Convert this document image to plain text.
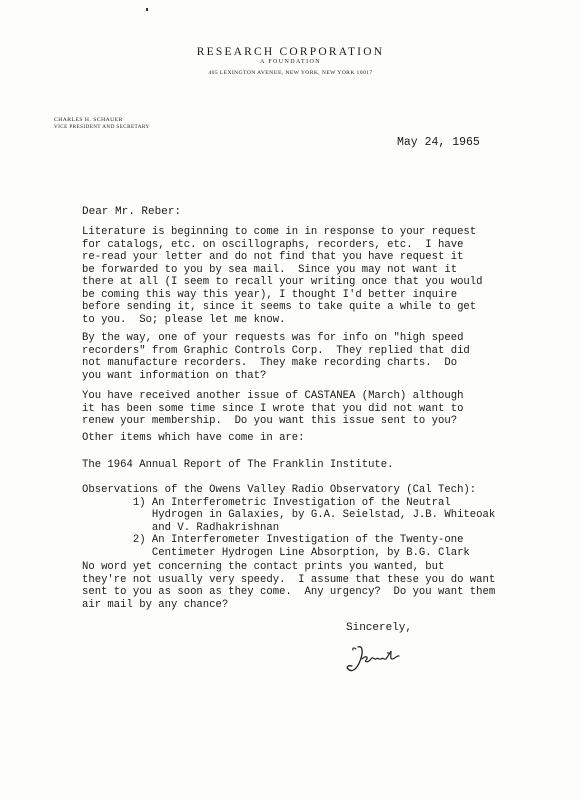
RESEARCH CORPORATION
A FOUNDATION
405 LEXINGTON AVENUE, NEW YORK, NEW YORK 10017
CHARLES H. SCHAUER
VICE PRESIDENT AND SECRETARY
May 24, 1965
Dear Mr. Reber:

Literature is beginning to come in in response to your request
for catalogs, etc. on oscillographs, recorders, etc.  I have
re-read your letter and do not find that you have request it
be forwarded to you by sea mail.  Since you may not want it
there at all (I seem to recall your writing once that you would
be coming this way this year), I thought I'd better inquire
before sending it, since it seems to take quite a while to get
to you.  So; please let me know.

By the way, one of your requests was for info on "high speed
recorders" from Graphic Controls Corp.  They replied that did
not manufacture recorders.  They make recording charts.  Do
you want information on that?

You have received another issue of CASTANEA (March) although
it has been some time since I wrote that you did not want to
renew your membership.  Do you want this issue sent to you?

Other items which have come in are:

The 1964 Annual Report of The Franklin Institute.

Observations of the Owens Valley Radio Observatory (Cal Tech):
1) An Interferometric Investigation of the Neutral
Hydrogen in Galaxies, by G.A. Seielstad, J.B. Whiteoak
and V. Radhakrishnan
2) An Interferometer Investigation of the Twenty-one
Centimeter Hydrogen Line Absorption, by B.G. Clark

No word yet concerning the contact prints you wanted, but
they're not usually very speedy.  I assume that these you do want
sent to you as soon as they come.  Any urgency?  Do you want them
air mail by any chance?

Sincerely,
